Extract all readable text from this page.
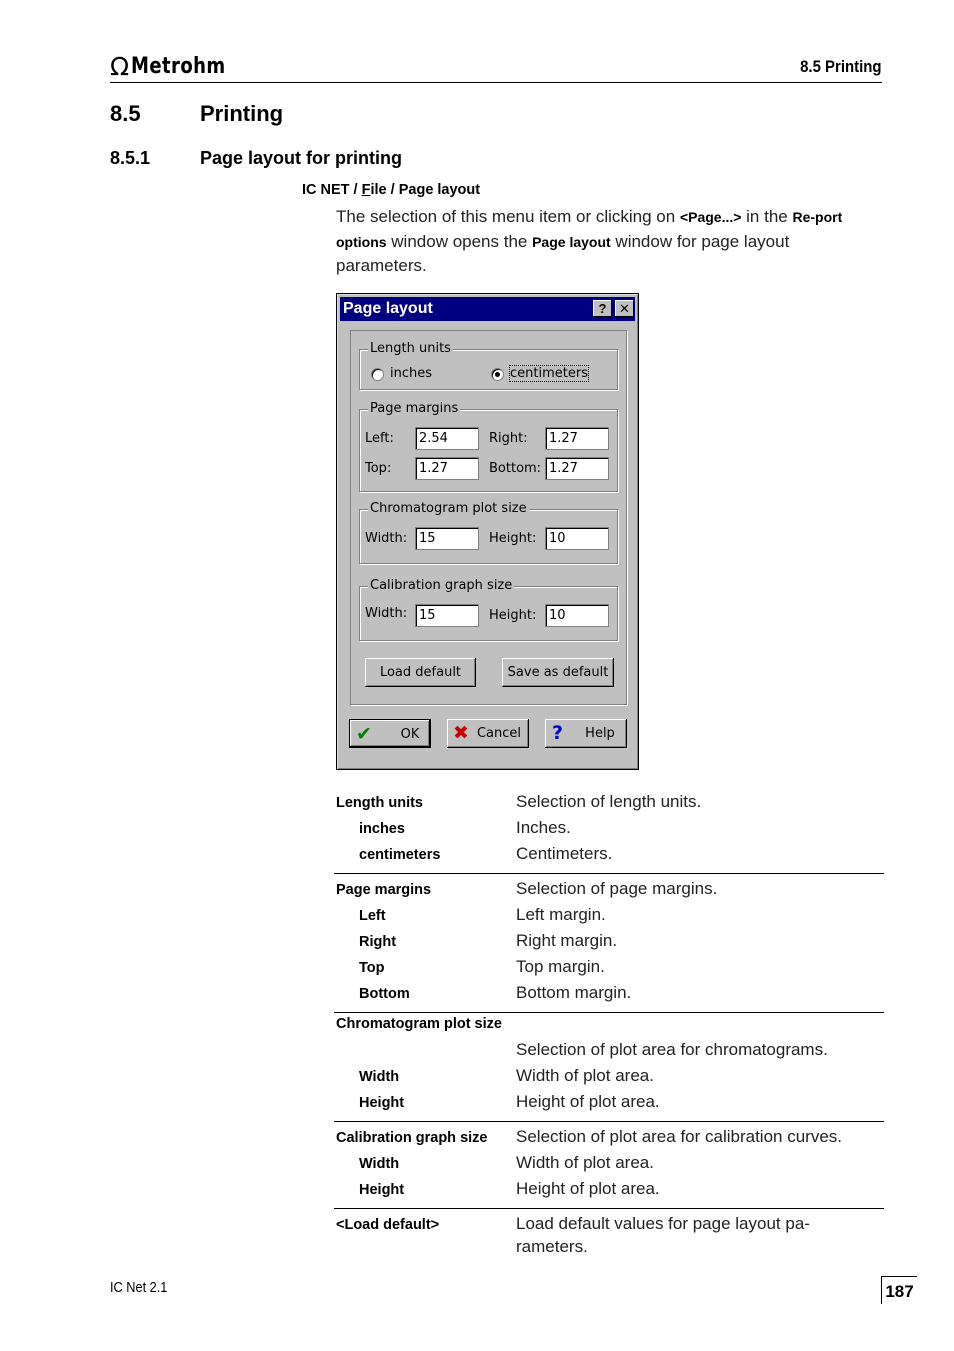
Ω Metrohm	8.5 Printing
8.5	Printing
8.5.1	Page layout for printing
IC NET / File / Page layout
The selection of this menu item or clicking on <Page...> in the Re-port options window opens the Page layout window for page layout parameters.
Page layout	? ✕
Length units
inches	centimeters
Page margins
Left:	2.54	Right:	1.27
Top:	1.27	Bottom: 1.27
Chromatogram plot size
Width: 15	Height: 10
Calibration graph size
Width: 15	Height: 10
Load default	Save as default
✔ OK	✖ Cancel	? Help
Length units	Selection of length units.
inches	Inches.
centimeters	Centimeters.
Page margins	Selection of page margins.
Left	Left margin.
Right	Right margin.
Top	Top margin.
Bottom	Bottom margin.
Chromatogram plot size
Selection of plot area for chromatograms.
Width	Width of plot area.
Height	Height of plot area.
Calibration graph size	Selection of plot area for calibration curves.
Width	Width of plot area.
Height	Height of plot area.
<Load default>	Load default values for page layout pa-rameters.
IC Net 2.1	187
